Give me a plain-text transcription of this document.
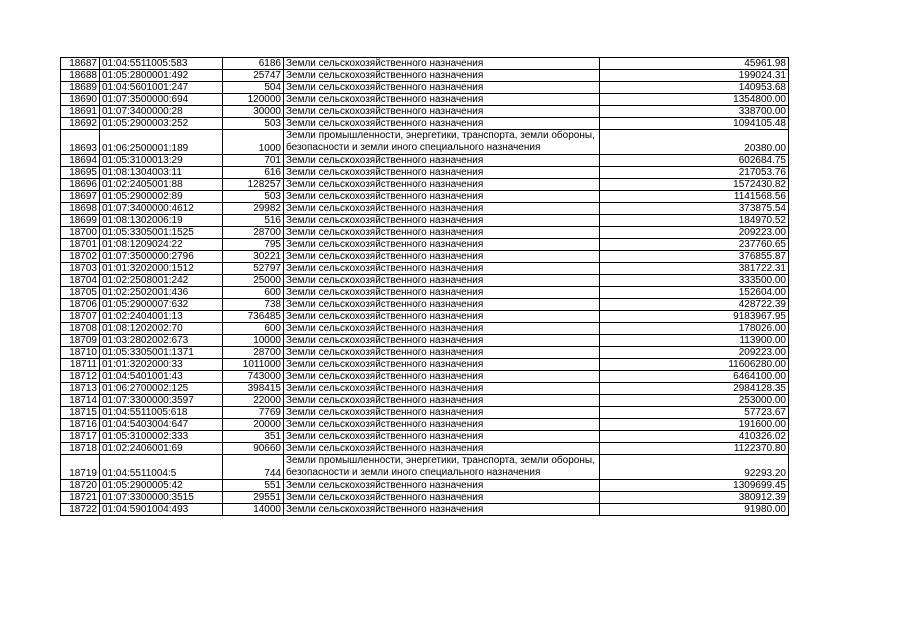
18687	01:04:5511005:583	6186	Земли сельскохозяйственного назначения	45961.98
18688	01:05:2800001:492	25747	Земли сельскохозяйственного назначения	199024.31
18689	01:04:5601001:247	504	Земли сельскохозяйственного назначения	140953.68
18690	01:07:3500000:694	120000	Земли сельскохозяйственного назначения	1354800.00
18691	01:07:3400000:28	30000	Земли сельскохозяйственного назначения	338700.00
18692	01:05:2900003:252	503	Земли сельскохозяйственного назначения	1094105.48
18693	01:06:2500001:189	1000	Земли промышленности, энергетики, транспорта, земли обороны, безопасности и земли иного специального назначения	20380.00
18694	01:05:3100013:29	701	Земли сельскохозяйственного назначения	602684.75
18695	01:08:1304003:11	616	Земли сельскохозяйственного назначения	217053.76
18696	01:02:2405001:88	128257	Земли сельскохозяйственного назначения	1572430.82
18697	01:05:2900002:89	503	Земли сельскохозяйственного назначения	1141568.56
18698	01:07:3400000:4612	29982	Земли сельскохозяйственного назначения	373875.54
18699	01:08:1302006:19	516	Земли сельскохозяйственного назначения	184970.52
18700	01:05:3305001:1525	28700	Земли сельскохозяйственного назначения	209223.00
18701	01:08:1209024:22	795	Земли сельскохозяйственного назначения	237760.65
18702	01:07:3500000:2796	30221	Земли сельскохозяйственного назначения	376855.87
18703	01:01:3202000:1512	52797	Земли сельскохозяйственного назначения	381722.31
18704	01:02:2508001:242	25000	Земли сельскохозяйственного назначения	333500.00
18705	01:02:2502001:436	600	Земли сельскохозяйственного назначения	152604.00
18706	01:05:2900007:632	738	Земли сельскохозяйственного назначения	428722.39
18707	01:02:2404001:13	736485	Земли сельскохозяйственного назначения	9183967.95
18708	01:08:1202002:70	600	Земли сельскохозяйственного назначения	178026.00
18709	01:03:2802002:673	10000	Земли сельскохозяйственного назначения	113900.00
18710	01:05:3305001:1371	28700	Земли сельскохозяйственного назначения	209223.00
18711	01:01:3202000:33	1011000	Земли сельскохозяйственного назначения	11606280.00
18712	01:04:5401001:43	743000	Земли сельскохозяйственного назначения	6464100.00
18713	01:06:2700002:125	398415	Земли сельскохозяйственного назначения	2984128.35
18714	01:07:3300000:3597	22000	Земли сельскохозяйственного назначения	253000.00
18715	01:04:5511005:618	7769	Земли сельскохозяйственного назначения	57723.67
18716	01:04:5403004:647	20000	Земли сельскохозяйственного назначения	191600.00
18717	01:05:3100002:333	351	Земли сельскохозяйственного назначения	410326.02
18718	01:02:2406001:69	90660	Земли сельскохозяйственного назначения	1122370.80
18719	01:04:5511004:5	744	Земли промышленности, энергетики, транспорта, земли обороны, безопасности и земли иного специального назначения	92293.20
18720	01:05:2900005:42	551	Земли сельскохозяйственного назначения	1309699.45
18721	01:07:3300000:3515	29551	Земли сельскохозяйственного назначения	380912.39
18722	01:04:5901004:493	14000	Земли сельскохозяйственного назначения	91980.00
